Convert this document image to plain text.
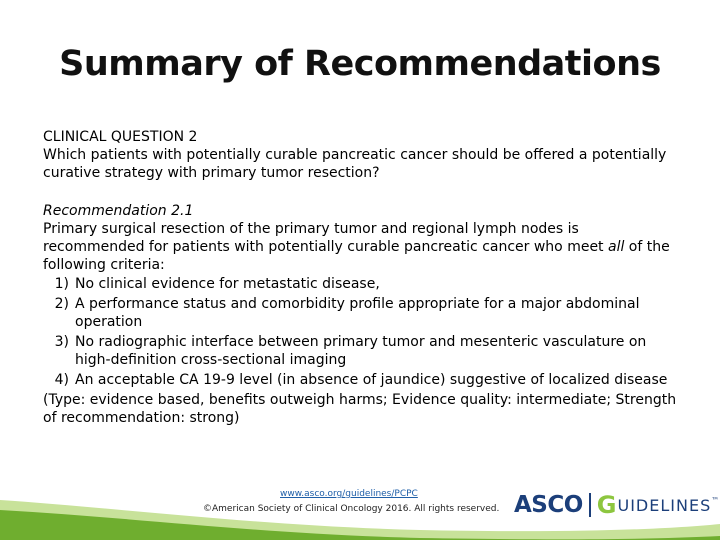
Summary of Recommendations
CLINICAL QUESTION 2
Which patients with potentially curable pancreatic cancer should be offered a potentially curative strategy with primary tumor resection?
Recommendation 2.1
Primary surgical resection of the primary tumor and regional lymph nodes is recommended for patients with potentially curable pancreatic cancer who meet all of the following criteria:
1) No clinical evidence for metastatic disease,
2) A performance status and comorbidity profile appropriate for a major abdominal operation
3) No radiographic interface between primary tumor and mesenteric vasculature on high-definition cross-sectional imaging
4) An acceptable CA 19-9 level (in absence of jaundice) suggestive of localized disease
(Type: evidence based, benefits outweigh harms; Evidence quality: intermediate; Strength of recommendation: strong)
www.asco.org/guidelines/PCPC
©American Society of Clinical Oncology 2016. All rights reserved. ASCO G UIDELINES ™
